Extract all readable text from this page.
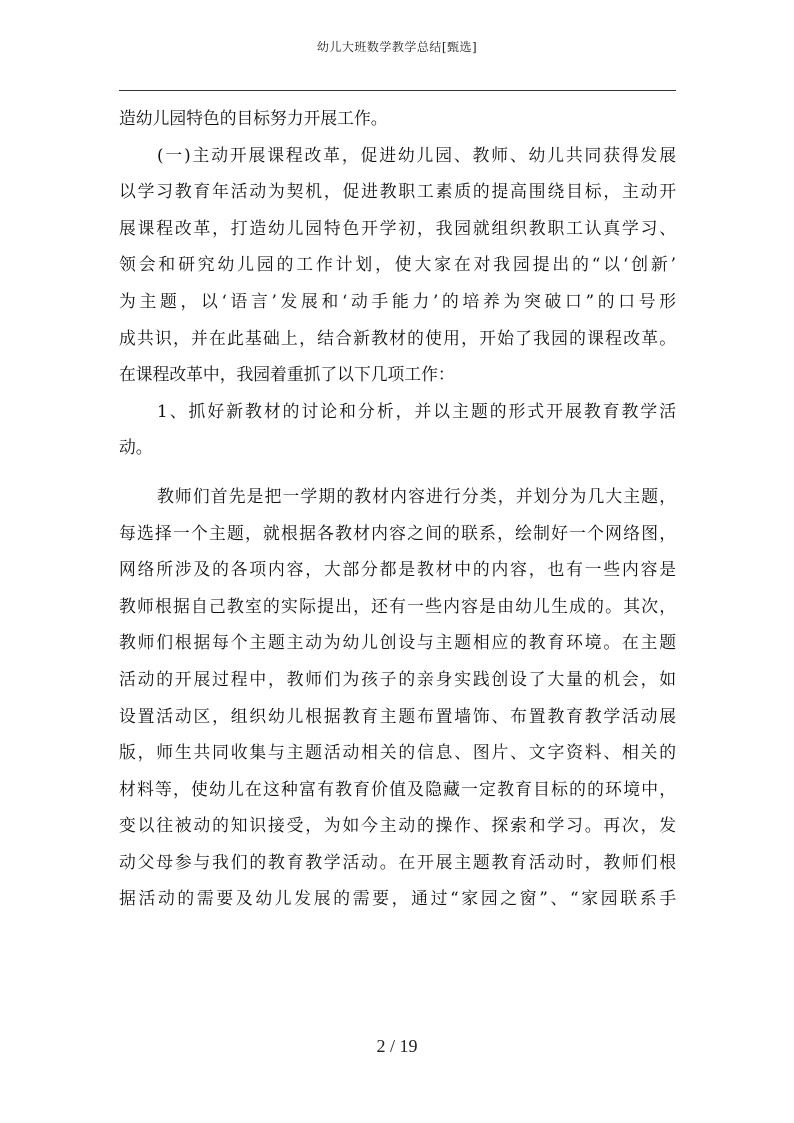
幼儿大班数学教学总结[甄选]
造幼儿园特色的目标努力开展工作。
(一)主动开展课程改革，促进幼儿园、教师、幼儿共同获得发展
以学习教育年活动为契机，促进教职工素质的提高围绕目标，主动开
展课程改革，打造幼儿园特色开学初，我园就组织教职工认真学习、
领会和研究幼儿园的工作计划，使大家在对我园提出的“以‘创新’
为主题，以‘语言’发展和‘动手能力’的培养为突破口”的口号形
成共识，并在此基础上，结合新教材的使用，开始了我园的课程改革。
在课程改革中，我园着重抓了以下几项工作：
1、抓好新教材的讨论和分析，并以主题的形式开展教育教学活
动。
教师们首先是把一学期的教材内容进行分类，并划分为几大主题，
每选择一个主题，就根据各教材内容之间的联系，绘制好一个网络图，
网络所涉及的各项内容，大部分都是教材中的内容，也有一些内容是
教师根据自己教室的实际提出，还有一些内容是由幼儿生成的。其次，
教师们根据每个主题主动为幼儿创设与主题相应的教育环境。在主题
活动的开展过程中，教师们为孩子的亲身实践创设了大量的机会，如
设置活动区，组织幼儿根据教育主题布置墙饰、布置教育教学活动展
版，师生共同收集与主题活动相关的信息、图片、文字资料、相关的
材料等，使幼儿在这种富有教育价值及隐藏一定教育目标的的环境中，
变以往被动的知识接受，为如今主动的操作、探索和学习。再次，发
动父母参与我们的教育教学活动。在开展主题教育活动时，教师们根
据活动的需要及幼儿发展的需要，通过“家园之窗”、“家园联系手
2 / 19
